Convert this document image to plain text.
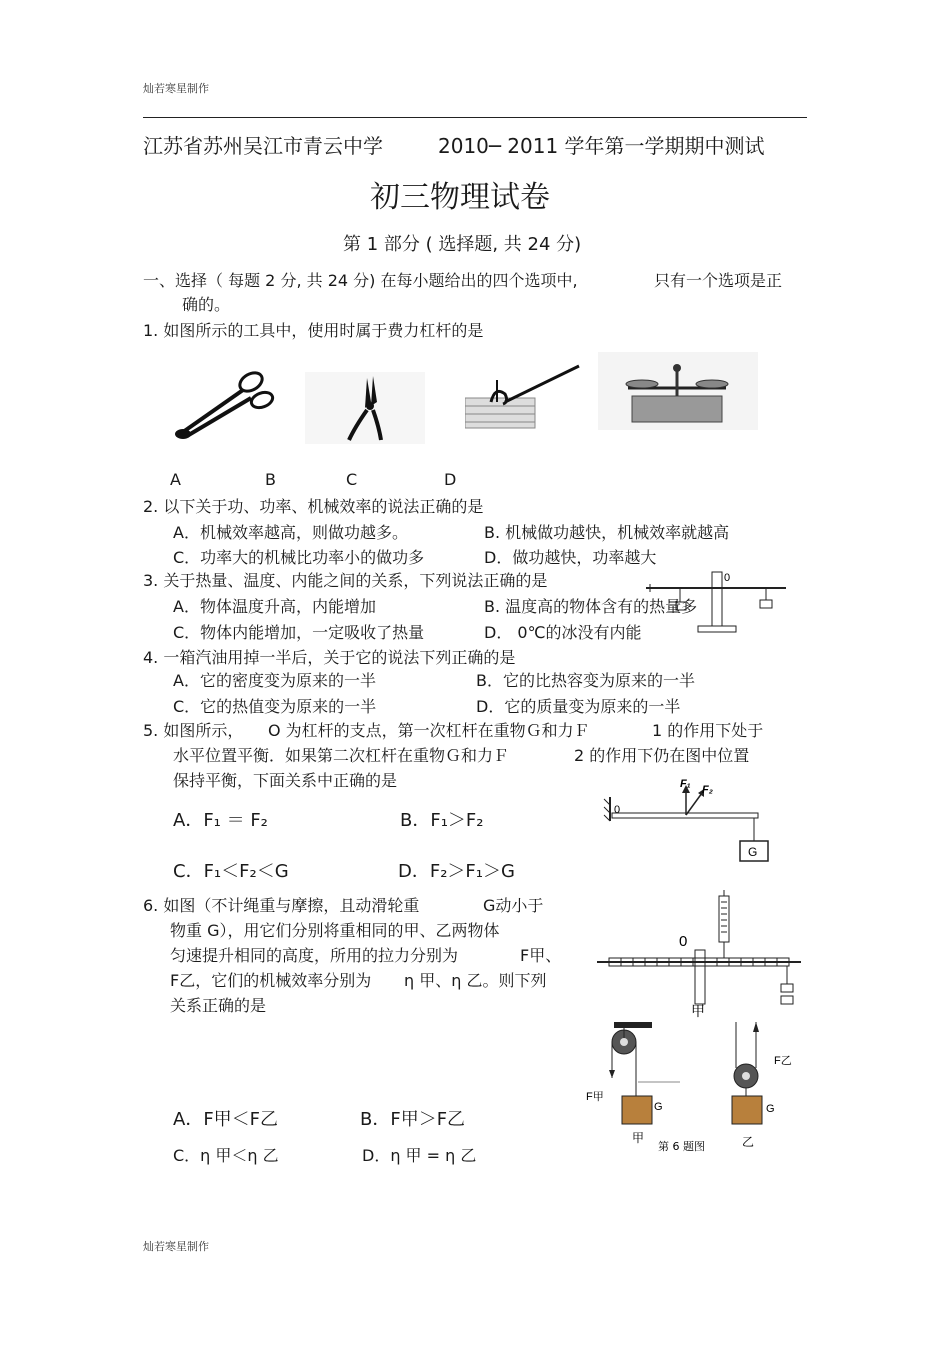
灿若寒星制作
江苏省苏州吴江市青云中学	2010─ 2011 学年第一学期期中测试
初三物理试卷
第 1 部分 ( 选择题, 共 24 分)
一、选择（ 每题 2 分, 共 24 分) 在每小题给出的四个选项中,	只有一个选项是正
确的。
1. 如图所示的工具中，使用时属于费力杠杆的是
A	B	C	D
2. 以下关于功、功率、机械效率的说法正确的是
A．机械效率越高，则做功越多。	B. 机械做功越快，机械效率就越高
C．功率大的机械比功率小的做功多	D．做功越快，功率越大
0
3. 关于热量、温度、内能之间的关系，下列说法正确的是
A．物体温度升高，内能增加	B. 温度高的物体含有的热量多
C．物体内能增加，一定吸收了热量	D． 0℃的冰没有内能
4. 一箱汽油用掉一半后，关于它的说法下列正确的是
A．它的密度变为原来的一半	B．它的比热容变为原来的一半
C．它的热值变为原来的一半	D．它的质量变为原来的一半
5. 如图所示， O 为杠杆的支点，第一次杠杆在重物Ｇ和力Ｆ	1 的作用下处于
水平位置平衡．如果第二次杠杆在重物Ｇ和力Ｆ	2 的作用下仍在图中位置
保持平衡，下面关系中正确的是
A．F₁ ＝ F₂	B．F₁＞F₂
C．F₁＜F₂＜G	D．F₂＞F₁＞G
0
F₁ F₂
G
6. 如图（不计绳重与摩擦，且动滑轮重	G动小于
物重 G），用它们分别将重相同的甲、乙两物体
匀速提升相同的高度，所用的拉力分别为	F甲、
F乙，它们的机械效率分别为 η 甲、η 乙。则下列
关系正确的是
A．F甲＜F乙	B．F甲＞F乙
C．η 甲＜η 乙	D．η 甲 = η 乙
0
甲
F甲
G
甲
F乙
G
第 6 题图	乙
灿若寒星制作
